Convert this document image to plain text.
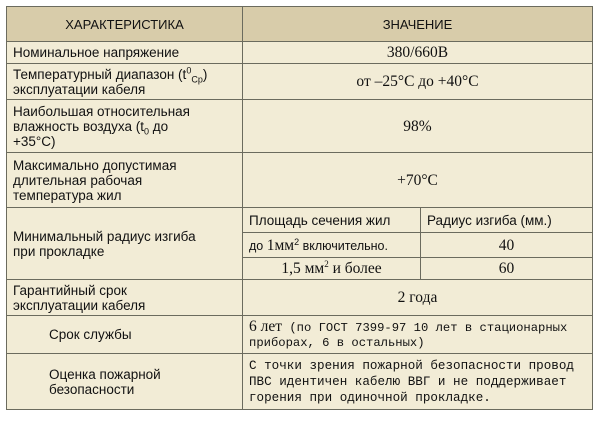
ХАРАКТЕРИСТИКА	ЗНАЧЕНИЕ	
Номинальное напряжение	380/660В	
Температурный диапазон $(t^0_{Cp})$
эксплуатации кабеля	от –25°С до +40°С	
Наибольшая относительная
влажность воздуха ($t_0$ до
+35°С)	98%	
Максимально допустимая
длительная рабочая
температура жил	+70°С	
Минимальный радиус изгиба
при прокладке	Площадь сечения жил	Радиус изгиба (мм.)
	до $1мм^2$ включительно.	40
	1,5 $мм^2$ и более	60
Гарантийный срок
эксплуатации кабеля	2 года	
Срок службы	6 лет (по ГОСТ 7399-97 10 лет в стационарных приборах, 6 в остальных)	
Оценка пожарной
безопасности	С точки зрения пожарной безопасности провод ПВС идентичен кабелю ВВГ и не поддерживает горения при одиночной прокладке.	
